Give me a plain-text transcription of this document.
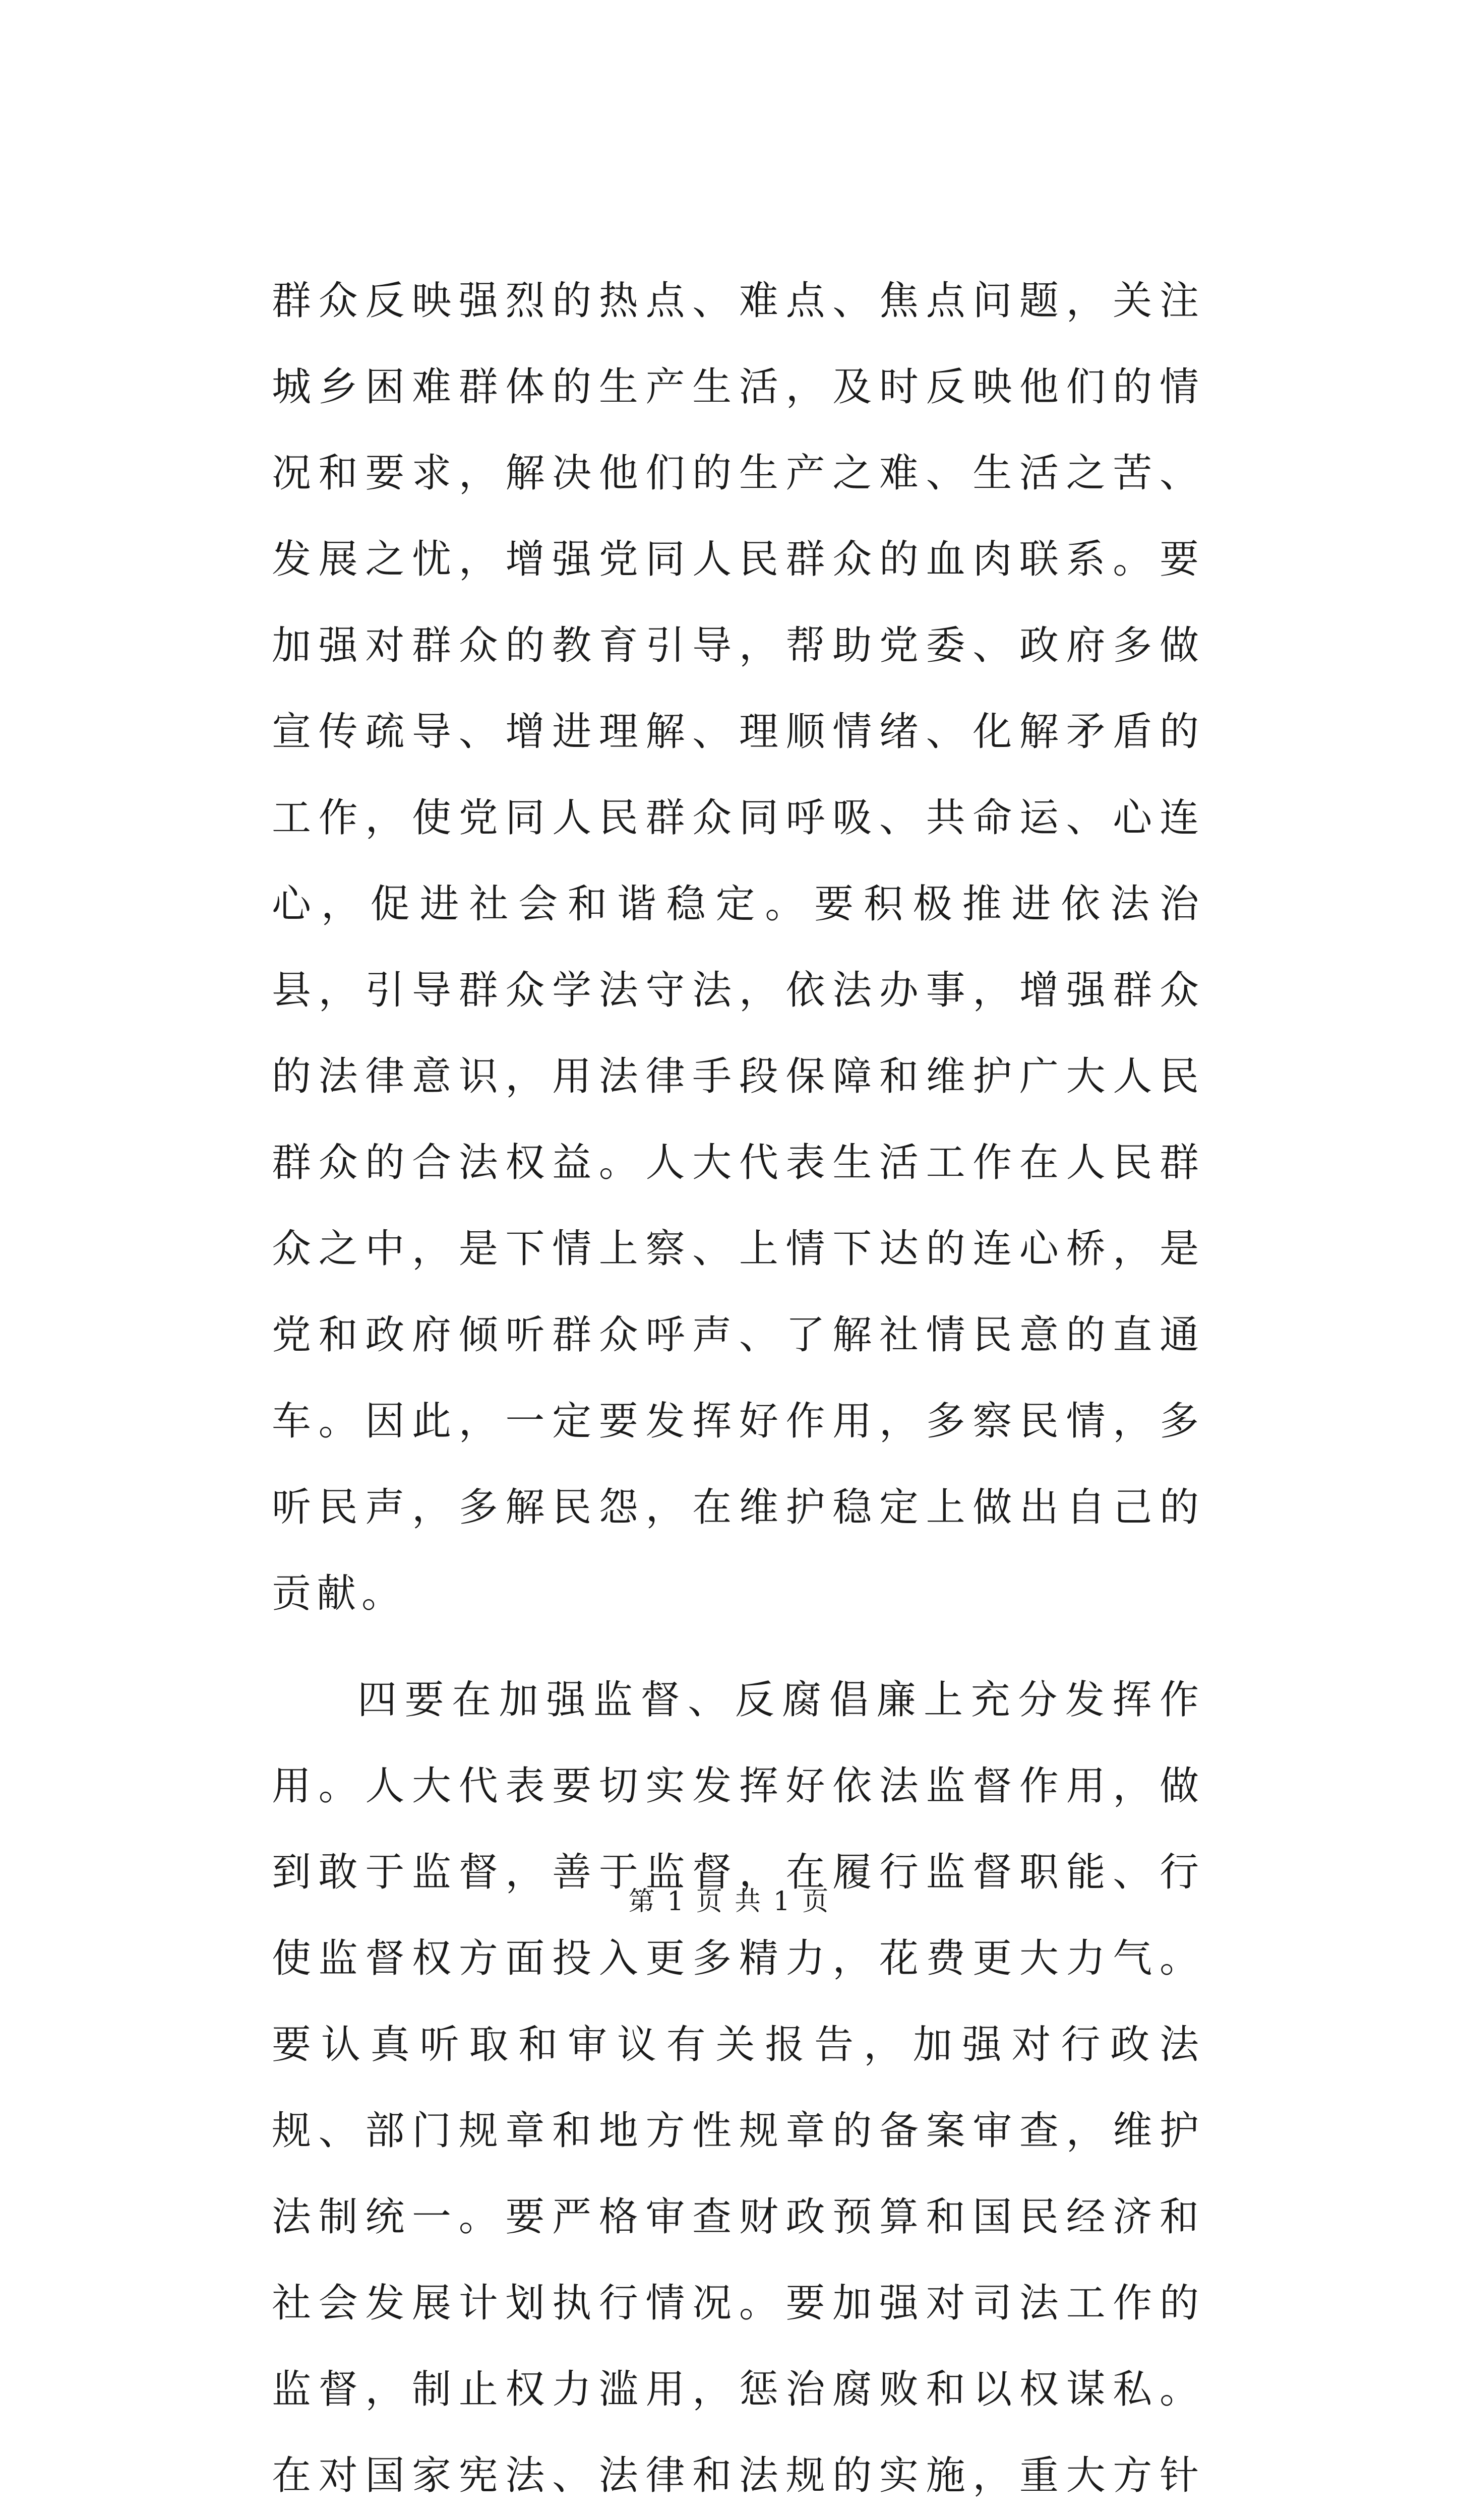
群众反映强烈的热点、难点、焦点问题，关注城乡困难群体的生产生活，及时反映他们的情况和要求，解决他们的生产之难、生活之苦、发展之忧，增强党同人民群众的血肉联系。要加强对群众的教育引导，帮助党委、政府多做宣传疏导、增进理解、理顺情绪、化解矛盾的工作，使党同人民群众同呼吸、共命运、心连心，促进社会和谐稳定。要积极推进依法治县，引导群众学法守法，依法办事，增强群众的法律意识，用法律手段保障和维护广大人民群众的合法权益。人大代表生活工作在人民群众之中，是下情上察、上情下达的连心桥，是党和政府倾听群众呼声、了解社情民意的直通车。因此，一定要发挥好作用，多察民情，多听民声，多解民怨，在维护稳定上做出自己的贡献。

四要在加强监督、反腐倡廉上充分发挥作用。人大代表要切实发挥好依法监督作用，做到敢于监督，善于监督，在履行监督职能、行使监督权方面投入更多精力，花费更大力气。要认真听取和审议有关报告，加强对行政法规、部门规章和地方性规章的备案审查，维护法制统一。要严格审查财政预算和国民经济和社会发展计划执行情况。要加强对司法工作的监督，制止权力滥用，惩治腐败和以权谋私。在对国家宪法、法律和法规的实施，重大方针

第 1 页 共 1 页
